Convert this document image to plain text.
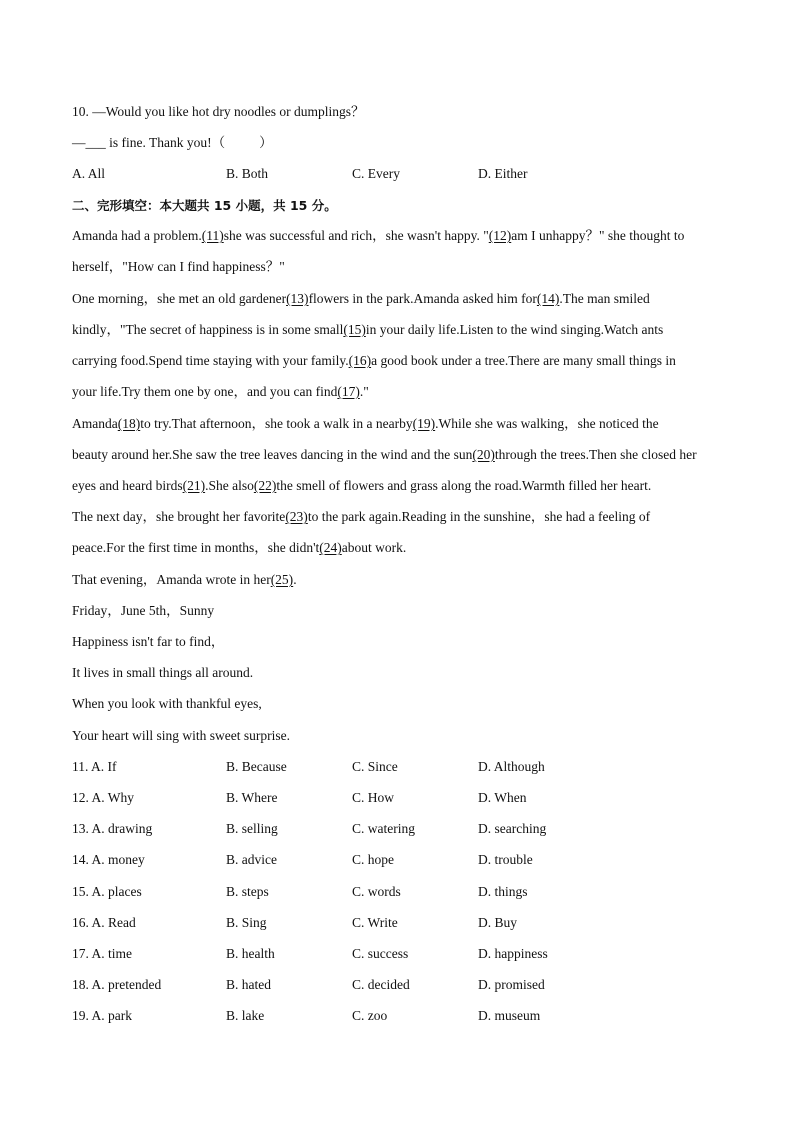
10. —Would you like hot dry noodles or dumplings？
—___ is fine. Thank you!（	）
A. All	B. Both	C. Every	D. Either
二、完形填空：本大题共 15 小题，共 15 分。
Amanda had a problem.(11)she was successful and rich，she wasn't happy. "(12)am I unhappy？" she thought to
herself，"How can I find happiness？"
One morning，she met an old gardener(13)flowers in the park.Amanda asked him for(14).The man smiled
kindly，"The secret of happiness is in some small(15)in your daily life.Listen to the wind singing.Watch ants
carrying food.Spend time staying with your family.(16)a good book under a tree.There are many small things in
your life.Try them one by one，and you can find(17)."
Amanda(18)to try.That afternoon，she took a walk in a nearby(19).While she was walking，she noticed the
beauty around her.She saw the tree leaves dancing in the wind and the sun(20)through the trees.Then she closed her
eyes and heard birds(21).She also(22)the smell of flowers and grass along the road.Warmth filled her heart.
The next day，she brought her favorite(23)to the park again.Reading in the sunshine，she had a feeling of
peace.For the first time in months，she didn't(24)about work.
That evening，Amanda wrote in her(25).
Friday，June 5th，Sunny
Happiness isn't far to find，
It lives in small things all around.
When you look with thankful eyes,
Your heart will sing with sweet surprise.
11. A. If	B. Because	C. Since	D. Although
12. A. Why	B. Where	C. How	D. When
13. A. drawing	B. selling	C. watering	D. searching
14. A. money	B. advice	C. hope	D. trouble
15. A. places	B. steps	C. words	D. things
16. A. Read	B. Sing	C. Write	D. Buy
17. A. time	B. health	C. success	D. happiness
18. A. pretended	B. hated	C. decided	D. promised
19. A. park	B. lake	C. zoo	D. museum
